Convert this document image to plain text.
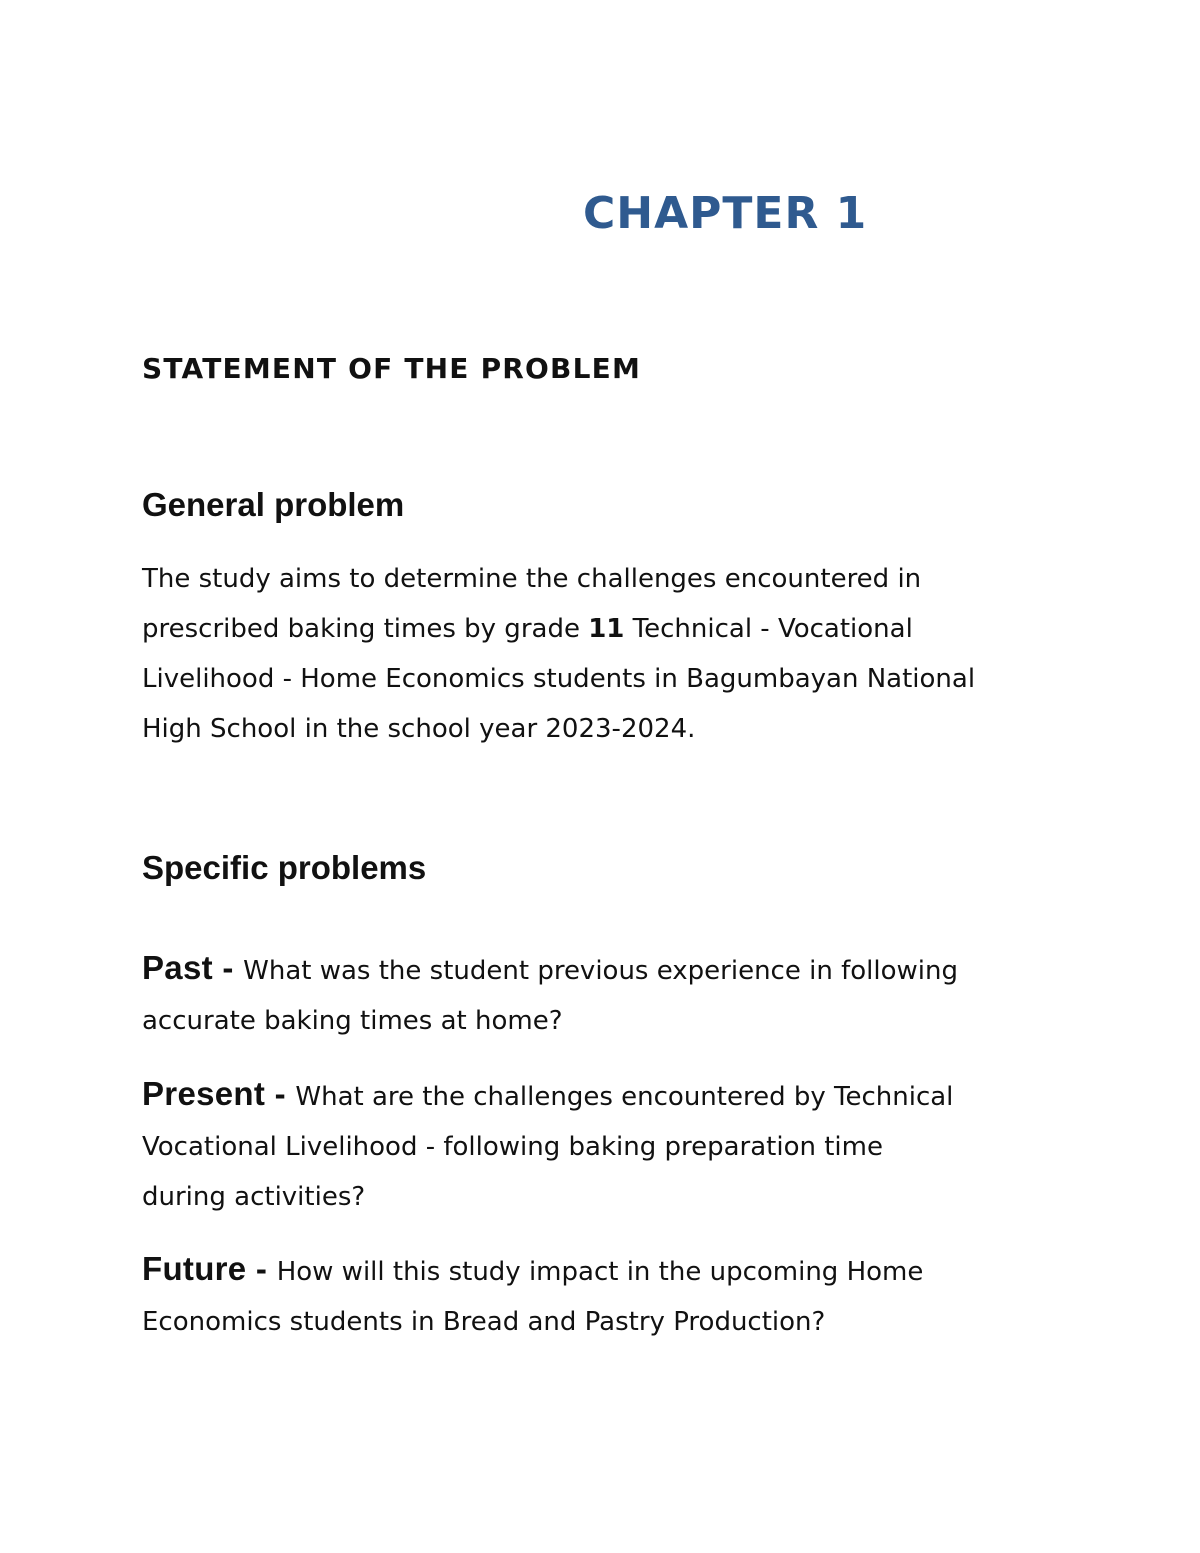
CHAPTER 1
STATEMENT OF THE PROBLEM
General problem

The study aims to determine the challenges encountered in
prescribed baking times by grade 11 Technical - Vocational
Livelihood - Home Economics students in Bagumbayan National
High School in the school year 2023-2024.

Specific problems

Past - What was the student previous experience in following
accurate baking times at home?

Present - What are the challenges encountered by Technical
Vocational Livelihood - following baking preparation time
during activities?

Future - How will this study impact in the upcoming Home
Economics students in Bread and Pastry Production?
